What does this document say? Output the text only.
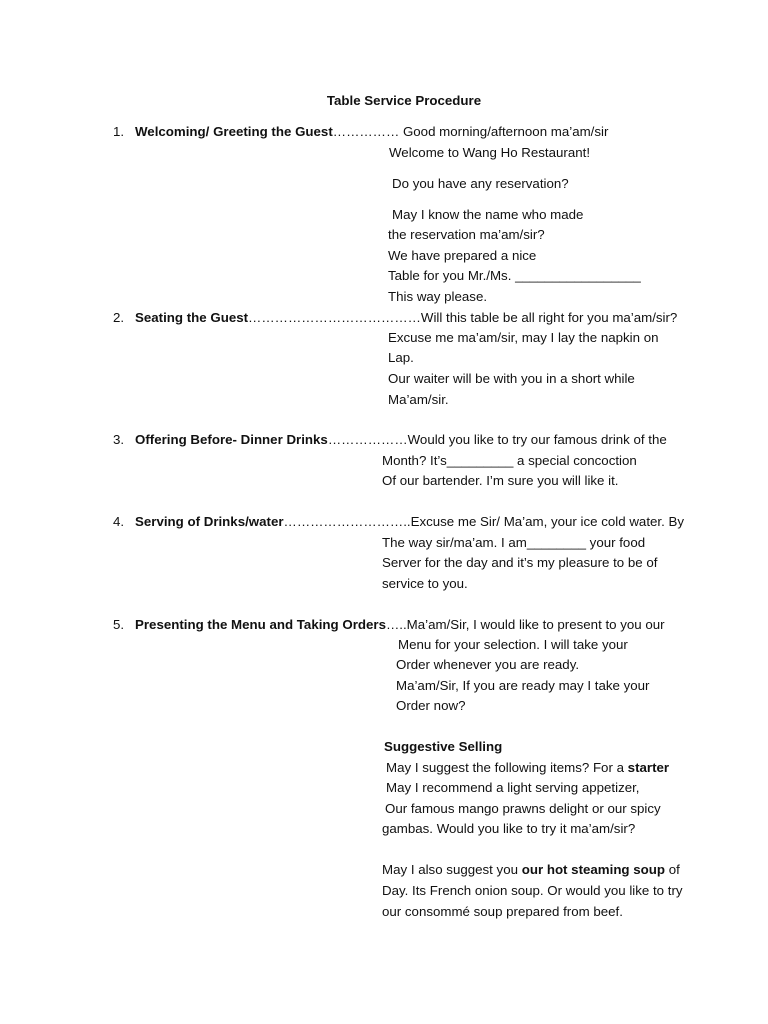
Table Service Procedure
1. Welcoming/ Greeting the Guest…………… Good morning/afternoon ma’am/sir
Welcome to Wang Ho Restaurant!
Do you have any reservation?
May I know the name who made
the reservation ma’am/sir?
We have prepared a nice
Table for you Mr./Ms. _________________
This way please.
2. Seating the Guest…………………………………Will this table be all right for you ma’am/sir?
Excuse me ma’am/sir, may I lay the napkin on
Lap.
Our waiter will be with you in a short while
Ma’am/sir.
3. Offering Before- Dinner Drinks………………Would you like to try our famous drink of the
Month? It’s_________ a special concoction
Of our bartender. I’m sure you will like it.
4. Serving of Drinks/water………………………..Excuse me Sir/ Ma’am, your ice cold water. By
The way sir/ma’am. I am________ your food
Server for the day and it’s my pleasure to be of
service to you.
5. Presenting the Menu and Taking Orders…..Ma’am/Sir, I would like to present to you our
Menu for your selection. I will take your
Order whenever you are ready.
Ma’am/Sir, If you are ready may I take your
Order now?
Suggestive Selling
May I suggest the following items? For a starter
May I recommend a light serving appetizer,
Our famous mango prawns delight or our spicy
gambas. Would you like to try it ma’am/sir?
May I also suggest you our hot steaming soup of
Day. Its French onion soup. Or would you like to try
our consommé soup prepared from beef.
